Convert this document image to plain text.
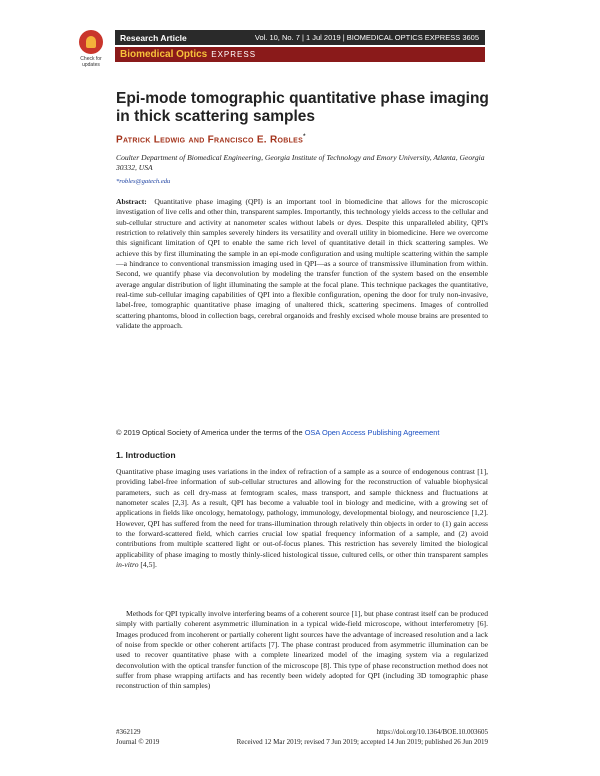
Check for
updates
Research Article	Vol. 10, No. 7 | 1 Jul 2019 | BIOMEDICAL OPTICS EXPRESS 3605
Biomedical Optics EXPRESS
Epi-mode tomographic quantitative phase imaging in thick scattering samples
Patrick Ledwig and Francisco E. Robles*
Coulter Department of Biomedical Engineering, Georgia Institute of Technology and Emory University, Atlanta, Georgia 30332, USA
*robles@gatech.edu
Abstract: Quantitative phase imaging (QPI) is an important tool in biomedicine that allows for the microscopic investigation of live cells and other thin, transparent samples. Importantly, this technology yields access to the cellular and sub-cellular structure and activity at nanometer scales without labels or dyes. Despite this unparalleled ability, QPI's restriction to relatively thin samples severely hinders its versatility and overall utility in biomedicine. Here we overcome this significant limitation of QPI to enable the same rich level of quantitative detail in thick scattering samples. We achieve this by first illuminating the sample in an epi-mode configuration and using multiple scattering within the sample—a hindrance to conventional transmission imaging used in QPI—as a source of transmissive illumination from within. Second, we quantify phase via deconvolution by modeling the transfer function of the system based on the ensemble average angular distribution of light illuminating the sample at the focal plane. This technique packages the quantitative, real-time sub-cellular imaging capabilities of QPI into a flexible configuration, opening the door for truly non-invasive, label-free, tomographic quantitative phase imaging of unaltered thick, scattering specimens. Images of controlled scattering phantoms, blood in collection bags, cerebral organoids and freshly excised whole mouse brains are presented to validate the approach.
© 2019 Optical Society of America under the terms of the OSA Open Access Publishing Agreement
1. Introduction
Quantitative phase imaging uses variations in the index of refraction of a sample as a source of endogenous contrast [1], providing label-free information of sub-cellular structures and allowing for the reconstruction of valuable biophysical parameters, such as cell dry-mass at femtogram scales, mass transport, and sample thickness and fluctuations at nanometer scales [2,3]. As a result, QPI has become a valuable tool in biology and medicine, with a growing set of applications in fields like oncology, hematology, pathology, immunology, developmental biology, and neuroscience [1,2]. However, QPI has suffered from the need for trans-illumination through relatively thin objects in order to (1) gain access to the forward-scattered field, which carries crucial low spatial frequency information of a sample, and (2) avoid contributions from multiple scattered light or out-of-focus planes. This restriction has severely limited the biological applicability of phase imaging to mostly thinly-sliced histological tissue, cultured cells, or other thin transparent samples in-vitro [4,5].
Methods for QPI typically involve interfering beams of a coherent source [1], but phase contrast itself can be produced simply with partially coherent asymmetric illumination in a typical wide-field microscope, without interferometry [6]. Images produced from incoherent or partially coherent light sources have the advantage of increased resolution and a lack of noise from speckle or other coherent artifacts [7]. The phase contrast produced from asymmetric illumination can be used to recover quantitative phase with a complete linearized model of the imaging system via a regularized deconvolution with the optical transfer function of the microscope [8]. This type of phase reconstruction method does not suffer from phase wrapping artifacts and has recently been widely adopted for QPI (including 3D tomographic phase reconstruction of thin samples)
#362129
Journal © 2019
https://doi.org/10.1364/BOE.10.003605
Received 12 Mar 2019; revised 7 Jun 2019; accepted 14 Jun 2019; published 26 Jun 2019
